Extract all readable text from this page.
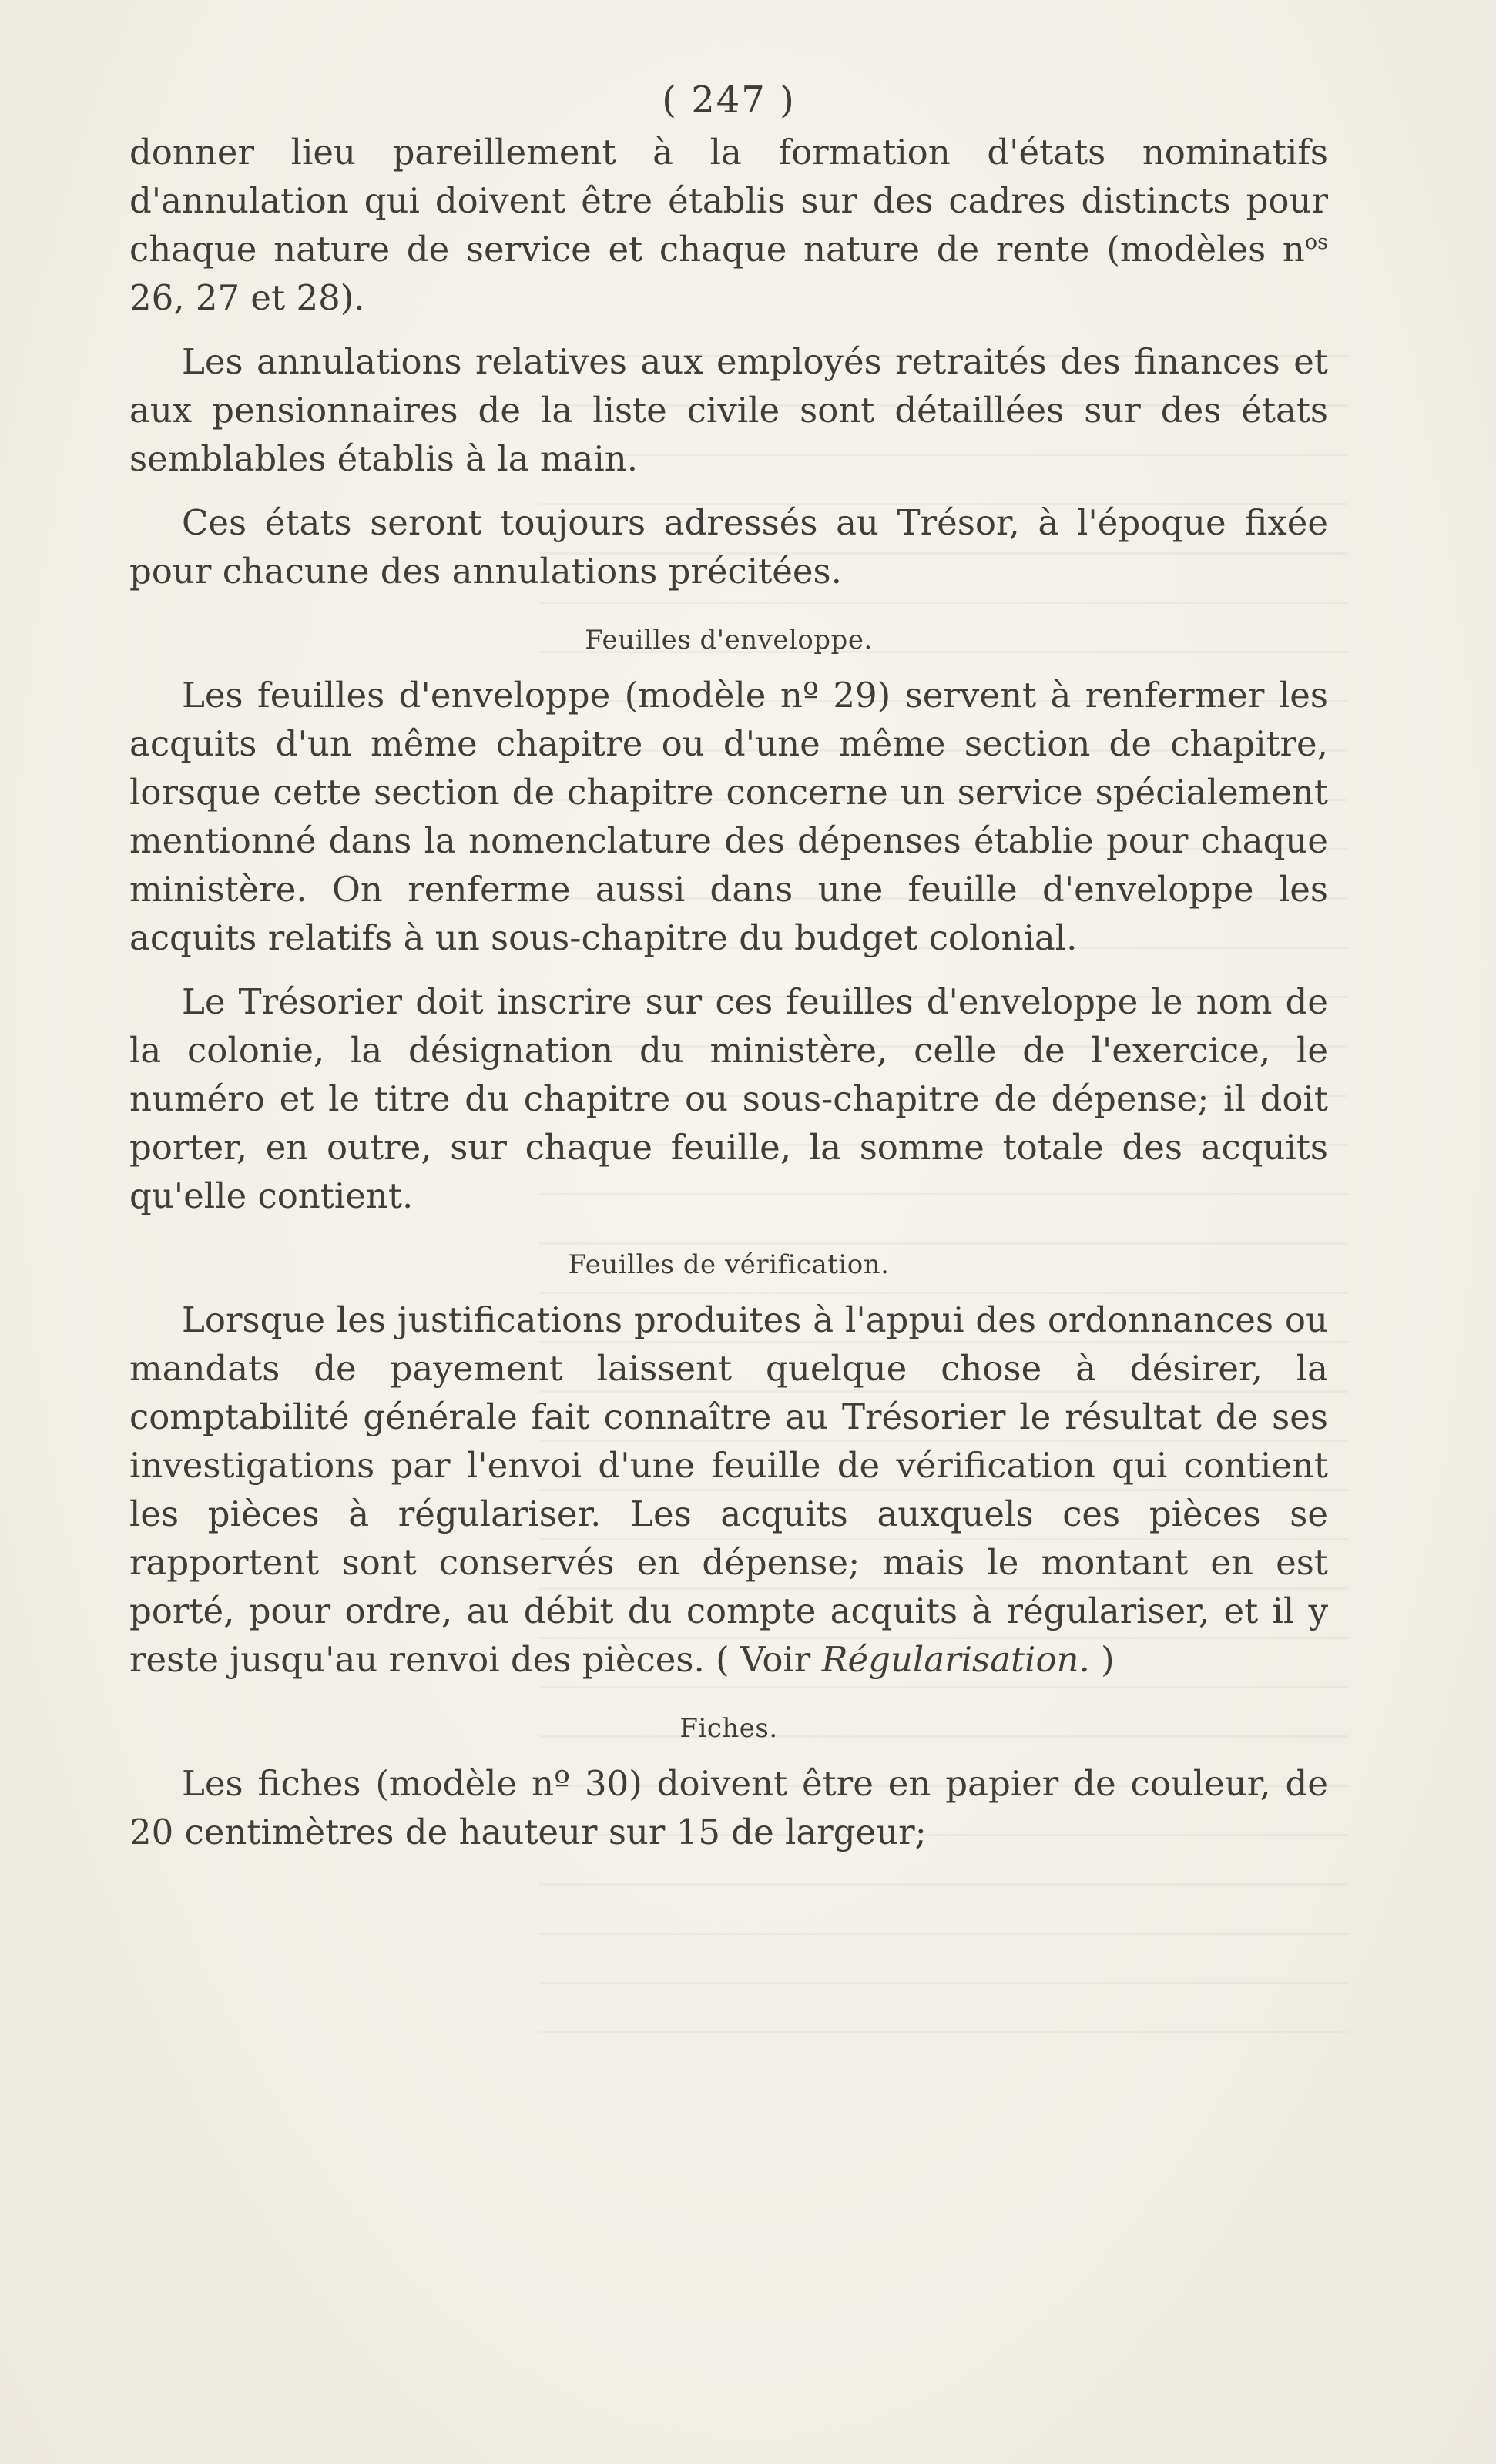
( 247 )

donner lieu pareillement à la formation d'états nominatifs d'annulation qui doivent être établis sur des cadres distincts pour chaque nature de service et chaque nature de rente (modèles $n^{os}$ 26, 27 et 28).

Les annulations relatives aux employés retraités des finances et aux pensionnaires de la liste civile sont détaillées sur des états semblables établis à la main.

Ces états seront toujours adressés au Trésor, à l'époque fixée pour chacune des annulations précitées.

Feuilles d'enveloppe.

Les feuilles d'enveloppe (modèle nº 29) servent à renfermer les acquits d'un même chapitre ou d'une même section de chapitre, lorsque cette section de chapitre concerne un service spécialement mentionné dans la nomenclature des dépenses établie pour chaque ministère. On renferme aussi dans une feuille d'enveloppe les acquits relatifs à un sous-chapitre du budget colonial.

Le Trésorier doit inscrire sur ces feuilles d'enveloppe le nom de la colonie, la désignation du ministère, celle de l'exercice, le numéro et le titre du chapitre ou sous-chapitre de dépense; il doit porter, en outre, sur chaque feuille, la somme totale des acquits qu'elle contient.

Feuilles de vérification.

Lorsque les justifications produites à l'appui des ordonnances ou mandats de payement laissent quelque chose à désirer, la comptabilité générale fait connaître au Trésorier le résultat de ses investigations par l'envoi d'une feuille de vérification qui contient les pièces à régulariser. Les acquits auxquels ces pièces se rapportent sont conservés en dépense; mais le montant en est porté, pour ordre, au débit du compte acquits à régulariser, et il y reste jusqu'au renvoi des pièces. ( Voir Régularisation. )

Fiches.

Les fiches (modèle nº 30) doivent être en papier de couleur, de 20 centimètres de hauteur sur 15 de largeur;
